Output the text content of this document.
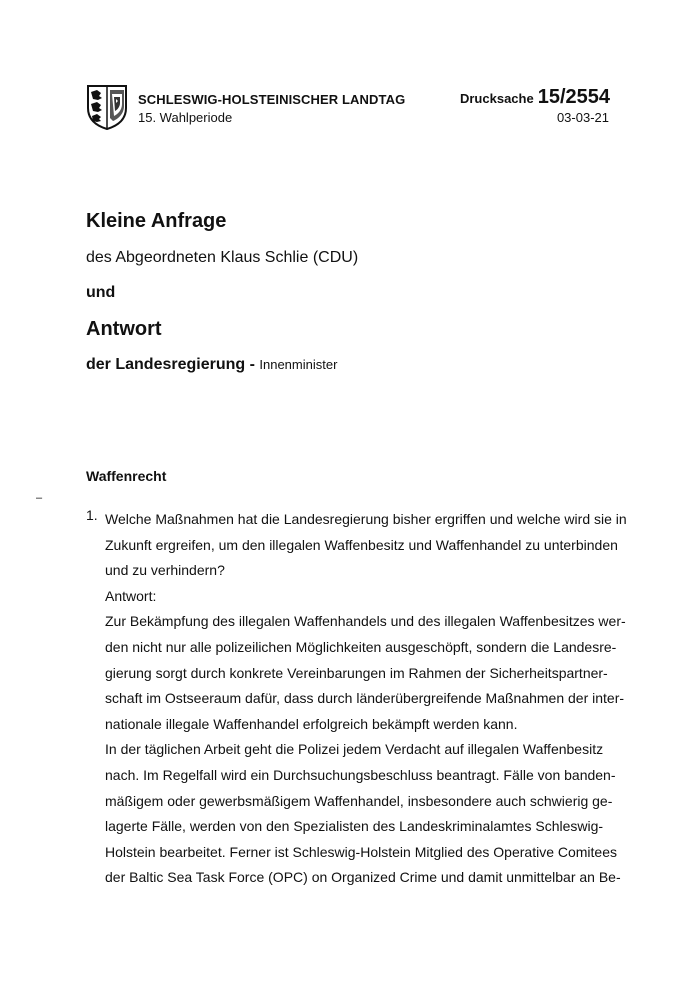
SCHLESWIG-HOLSTEINISCHER LANDTAG
15. Wahlperiode
Drucksache 15/2554
03-03-21
Kleine Anfrage
des Abgeordneten Klaus Schlie (CDU)
und
Antwort
der Landesregierung - Innenminister
Waffenrecht
–
1. Welche Maßnahmen hat die Landesregierung bisher ergriffen und welche wird sie in
Zukunft ergreifen, um den illegalen Waffenbesitz und Waffenhandel zu unterbinden
und zu verhindern?
Antwort:
Zur Bekämpfung des illegalen Waffenhandels und des illegalen Waffenbesitzes wer-
den nicht nur alle polizeilichen Möglichkeiten ausgeschöpft, sondern die Landesre-
gierung sorgt durch konkrete Vereinbarungen im Rahmen der Sicherheitspartner-
schaft im Ostseeraum dafür, dass durch länderübergreifende Maßnahmen der inter-
nationale illegale Waffenhandel erfolgreich bekämpft werden kann.
In der täglichen Arbeit geht die Polizei jedem Verdacht auf illegalen Waffenbesitz
nach. Im Regelfall wird ein Durchsuchungsbeschluss beantragt. Fälle von banden-
mäßigem oder gewerbsmäßigem Waffenhandel, insbesondere auch schwierig ge-
lagerte Fälle, werden von den Spezialisten des Landeskriminalamtes Schleswig-
Holstein bearbeitet. Ferner ist Schleswig-Holstein Mitglied des Operative Comitees
der Baltic Sea Task Force (OPC) on Organized Crime und damit unmittelbar an Be-
